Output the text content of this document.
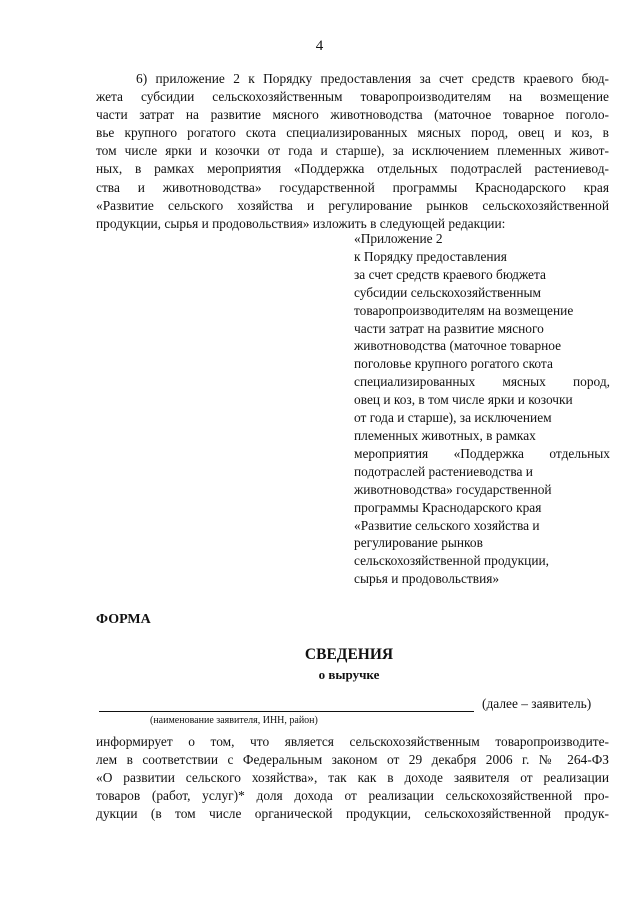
4
6) приложение 2 к Порядку предоставления за счет средств краевого бюд-
жета субсидии сельскохозяйственным товаропроизводителям на возмещение
части затрат на развитие мясного животноводства (маточное товарное поголо-
вье крупного рогатого скота специализированных мясных пород, овец и коз, в
том числе ярки и козочки от года и старше), за исключением племенных живот-
ных, в рамках мероприятия «Поддержка отдельных подотраслей растениевод-
ства и животноводства» государственной программы Краснодарского края
«Развитие сельского хозяйства и регулирование рынков сельскохозяйственной
продукции, сырья и продовольствия» изложить в следующей редакции:
«Приложение 2
к Порядку предоставления
за счет средств краевого бюджета
субсидии сельскохозяйственным
товаропроизводителям на возмещение
части затрат на развитие мясного
животноводства (маточное товарное
поголовье крупного рогатого скота
специализированных мясных пород,
овец и коз, в том числе ярки и козочки
от года и старше), за исключением
племенных животных, в рамках
мероприятия «Поддержка отдельных
подотраслей растениеводства и
животноводства» государственной
программы Краснодарского края
«Развитие сельского хозяйства и
регулирование рынков
сельскохозяйственной продукции,
сырья и продовольствия»
ФОРМА
СВЕДЕНИЯ
о выручке
(далее – заявитель)
(наименование заявителя, ИНН, район)
информирует о том, что является сельскохозяйственным товаропроизводите-
лем в соответствии с Федеральным законом от 29 декабря 2006 г. № 264-ФЗ
«О развитии сельского хозяйства», так как в доходе заявителя от реализации
товаров (работ, услуг)* доля дохода от реализации сельскохозяйственной про-
дукции (в том числе органической продукции, сельскохозяйственной продук-
